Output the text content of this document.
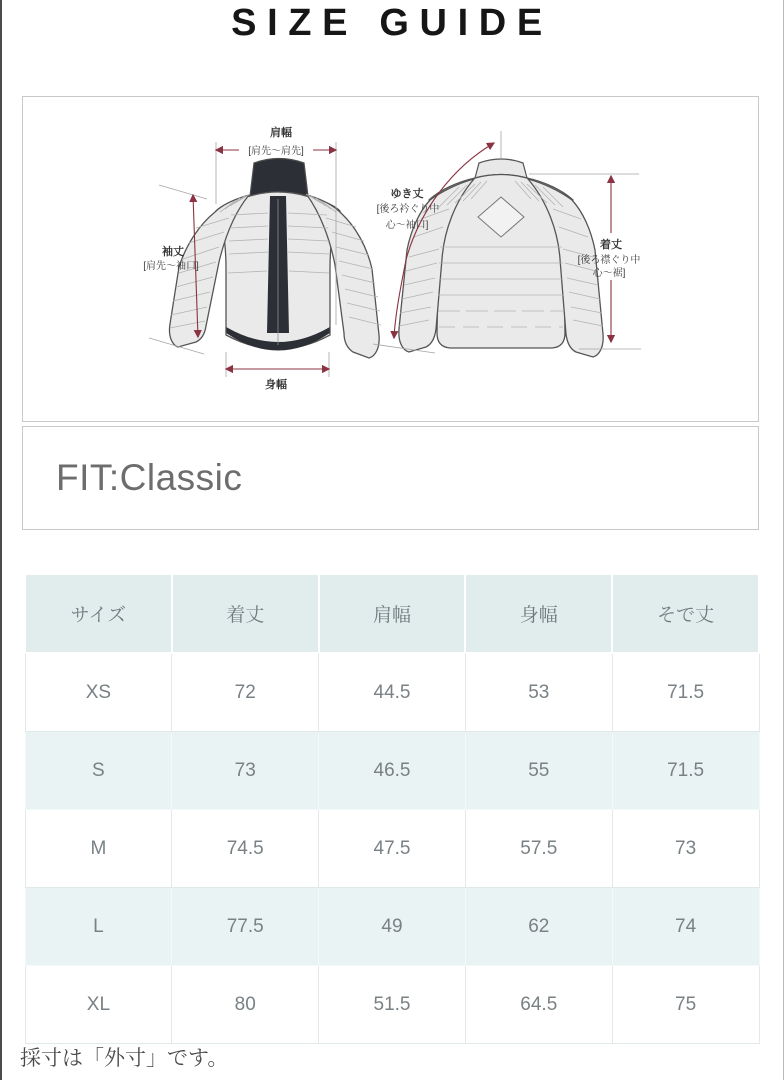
SIZE GUIDE
肩幅
[肩先〜肩先]
袖丈
[肩先〜袖口]
身幅
着丈
[後ろ襟ぐり中
心〜裾]
ゆき丈
[後ろ衿ぐり中
心〜袖口]
FIT:Classic
サイズ	着丈	肩幅	身幅	そで丈
XS	72	44.5	53	71.5
S	73	46.5	55	71.5
M	74.5	47.5	57.5	73
L	77.5	49	62	74
XL	80	51.5	64.5	75
採寸は「外寸」です。
